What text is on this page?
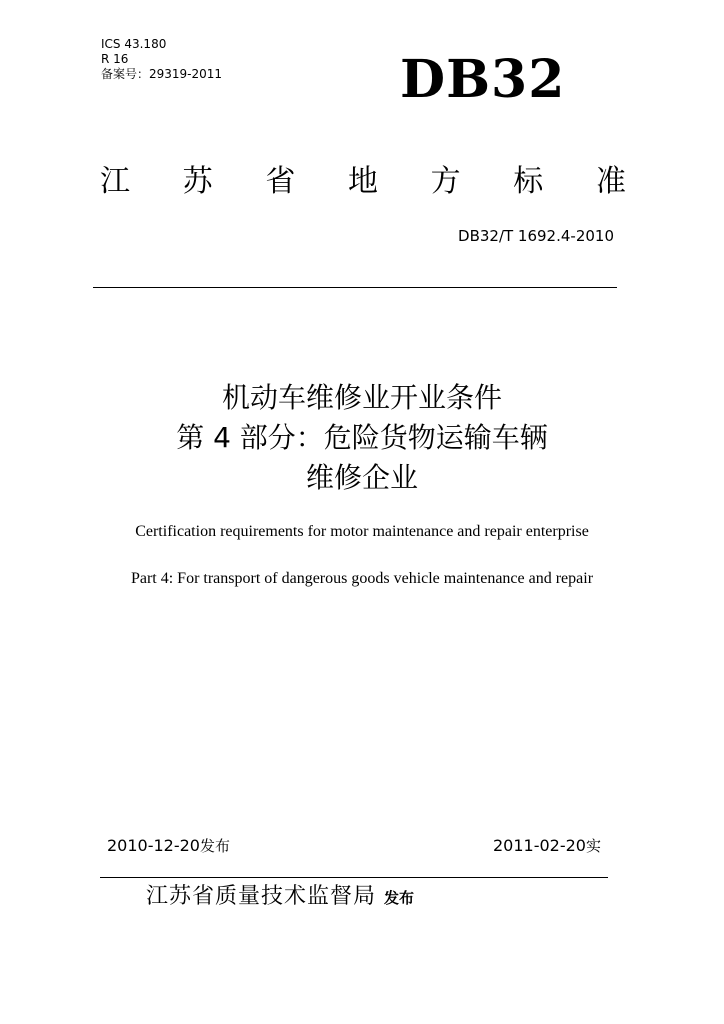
ICS 43.180
R 16
备案号：29319-2011	DB32
江 苏 省 地 方 标 准
DB32/T 1692.4-2010
机动车维修业开业条件
第 4 部分：危险货物运输车辆
维修企业
Certification requirements for motor maintenance and repair enterprise
Part 4: For transport of dangerous goods vehicle maintenance and repair
2010-12-20发布	2011-02-20实
江苏省质量技术监督局 发布
